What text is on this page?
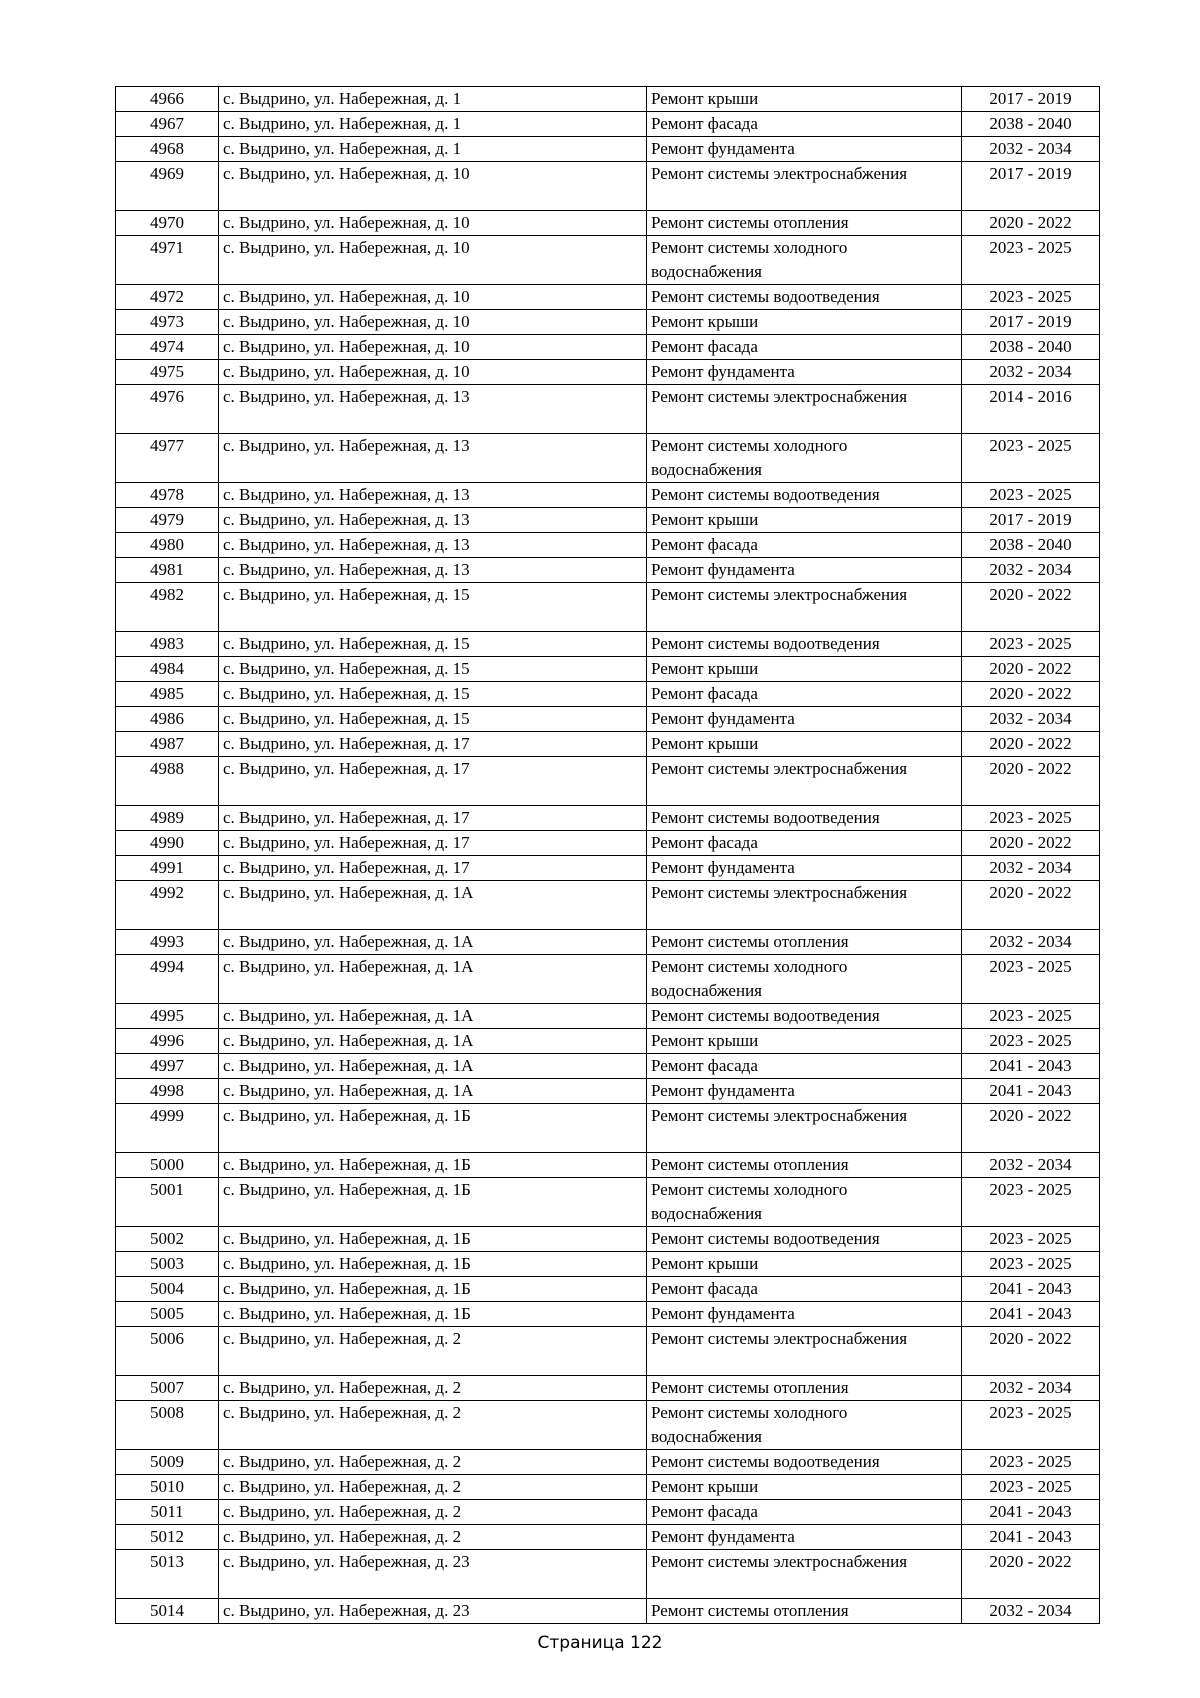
4966	с. Выдрино, ул. Набережная, д. 1	Ремонт крыши	2017 - 2019
4967	с. Выдрино, ул. Набережная, д. 1	Ремонт фасада	2038 - 2040
4968	с. Выдрино, ул. Набережная, д. 1	Ремонт фундамента	2032 - 2034
4969	с. Выдрино, ул. Набережная, д. 10	Ремонт системы электроснабжения	2017 - 2019
4970	с. Выдрино, ул. Набережная, д. 10	Ремонт системы отопления	2020 - 2022
4971	с. Выдрино, ул. Набережная, д. 10	Ремонт системы холодного водоснабжения	2023 - 2025
4972	с. Выдрино, ул. Набережная, д. 10	Ремонт системы водоотведения	2023 - 2025
4973	с. Выдрино, ул. Набережная, д. 10	Ремонт крыши	2017 - 2019
4974	с. Выдрино, ул. Набережная, д. 10	Ремонт фасада	2038 - 2040
4975	с. Выдрино, ул. Набережная, д. 10	Ремонт фундамента	2032 - 2034
4976	с. Выдрино, ул. Набережная, д. 13	Ремонт системы электроснабжения	2014 - 2016
4977	с. Выдрино, ул. Набережная, д. 13	Ремонт системы холодного водоснабжения	2023 - 2025
4978	с. Выдрино, ул. Набережная, д. 13	Ремонт системы водоотведения	2023 - 2025
4979	с. Выдрино, ул. Набережная, д. 13	Ремонт крыши	2017 - 2019
4980	с. Выдрино, ул. Набережная, д. 13	Ремонт фасада	2038 - 2040
4981	с. Выдрино, ул. Набережная, д. 13	Ремонт фундамента	2032 - 2034
4982	с. Выдрино, ул. Набережная, д. 15	Ремонт системы электроснабжения	2020 - 2022
4983	с. Выдрино, ул. Набережная, д. 15	Ремонт системы водоотведения	2023 - 2025
4984	с. Выдрино, ул. Набережная, д. 15	Ремонт крыши	2020 - 2022
4985	с. Выдрино, ул. Набережная, д. 15	Ремонт фасада	2020 - 2022
4986	с. Выдрино, ул. Набережная, д. 15	Ремонт фундамента	2032 - 2034
4987	с. Выдрино, ул. Набережная, д. 17	Ремонт крыши	2020 - 2022
4988	с. Выдрино, ул. Набережная, д. 17	Ремонт системы электроснабжения	2020 - 2022
4989	с. Выдрино, ул. Набережная, д. 17	Ремонт системы водоотведения	2023 - 2025
4990	с. Выдрино, ул. Набережная, д. 17	Ремонт фасада	2020 - 2022
4991	с. Выдрино, ул. Набережная, д. 17	Ремонт фундамента	2032 - 2034
4992	с. Выдрино, ул. Набережная, д. 1А	Ремонт системы электроснабжения	2020 - 2022
4993	с. Выдрино, ул. Набережная, д. 1А	Ремонт системы отопления	2032 - 2034
4994	с. Выдрино, ул. Набережная, д. 1А	Ремонт системы холодного водоснабжения	2023 - 2025
4995	с. Выдрино, ул. Набережная, д. 1А	Ремонт системы водоотведения	2023 - 2025
4996	с. Выдрино, ул. Набережная, д. 1А	Ремонт крыши	2023 - 2025
4997	с. Выдрино, ул. Набережная, д. 1А	Ремонт фасада	2041 - 2043
4998	с. Выдрино, ул. Набережная, д. 1А	Ремонт фундамента	2041 - 2043
4999	с. Выдрино, ул. Набережная, д. 1Б	Ремонт системы электроснабжения	2020 - 2022
5000	с. Выдрино, ул. Набережная, д. 1Б	Ремонт системы отопления	2032 - 2034
5001	с. Выдрино, ул. Набережная, д. 1Б	Ремонт системы холодного водоснабжения	2023 - 2025
5002	с. Выдрино, ул. Набережная, д. 1Б	Ремонт системы водоотведения	2023 - 2025
5003	с. Выдрино, ул. Набережная, д. 1Б	Ремонт крыши	2023 - 2025
5004	с. Выдрино, ул. Набережная, д. 1Б	Ремонт фасада	2041 - 2043
5005	с. Выдрино, ул. Набережная, д. 1Б	Ремонт фундамента	2041 - 2043
5006	с. Выдрино, ул. Набережная, д. 2	Ремонт системы электроснабжения	2020 - 2022
5007	с. Выдрино, ул. Набережная, д. 2	Ремонт системы отопления	2032 - 2034
5008	с. Выдрино, ул. Набережная, д. 2	Ремонт системы холодного водоснабжения	2023 - 2025
5009	с. Выдрино, ул. Набережная, д. 2	Ремонт системы водоотведения	2023 - 2025
5010	с. Выдрино, ул. Набережная, д. 2	Ремонт крыши	2023 - 2025
5011	с. Выдрино, ул. Набережная, д. 2	Ремонт фасада	2041 - 2043
5012	с. Выдрино, ул. Набережная, д. 2	Ремонт фундамента	2041 - 2043
5013	с. Выдрино, ул. Набережная, д. 23	Ремонт системы электроснабжения	2020 - 2022
5014	с. Выдрино, ул. Набережная, д. 23	Ремонт системы отопления	2032 - 2034
Страница 122
